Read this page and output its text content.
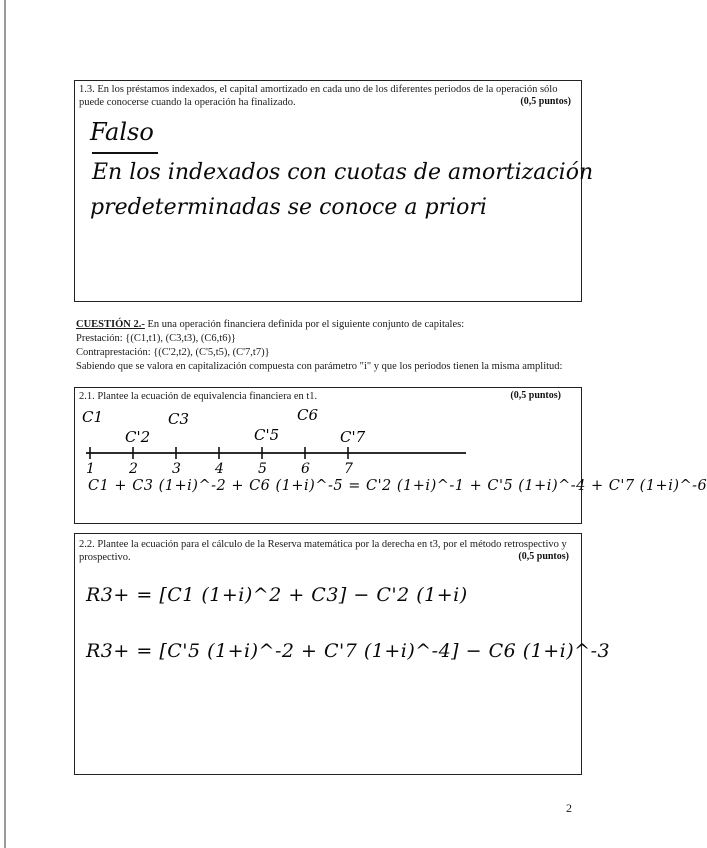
1.3. En los préstamos indexados, el capital amortizado en cada uno de los diferentes periodos de la operación sólo puede conocerse cuando la operación ha finalizado.	(0,5 puntos)
Falso
En los indexados con cuotas de amortización
predeterminadas se conoce a priori
CUESTIÓN 2.- En una operación financiera definida por el siguiente conjunto de capitales:
Prestación: {(C1,t1), (C3,t3), (C6,t6)}
Contraprestación: {(C'2,t2), (C'5,t5), (C'7,t7)}
Sabiendo que se valora en capitalización compuesta con parámetro "i" y que los periodos tienen la misma amplitud:
2.1. Plantee la ecuación de equivalencia financiera en t1.	(0,5 puntos)
1 2 3 4 5 6 7
C1	C3	C6
C'2	C'5	C'7
C1 + C3 (1+i)^-2 + C6 (1+i)^-5 = C'2 (1+i)^-1 + C'5 (1+i)^-4 + C'7 (1+i)^-6
2.2. Plantee la ecuación para el cálculo de la Reserva matemática por la derecha en t3, por el método retrospectivo y prospectivo.	(0,5 puntos)
R3+ = [C1 (1+i)^2 + C3] − C'2 (1+i)
R3+ = [C'5 (1+i)^-2 + C'7 (1+i)^-4] − C6 (1+i)^-3
2
